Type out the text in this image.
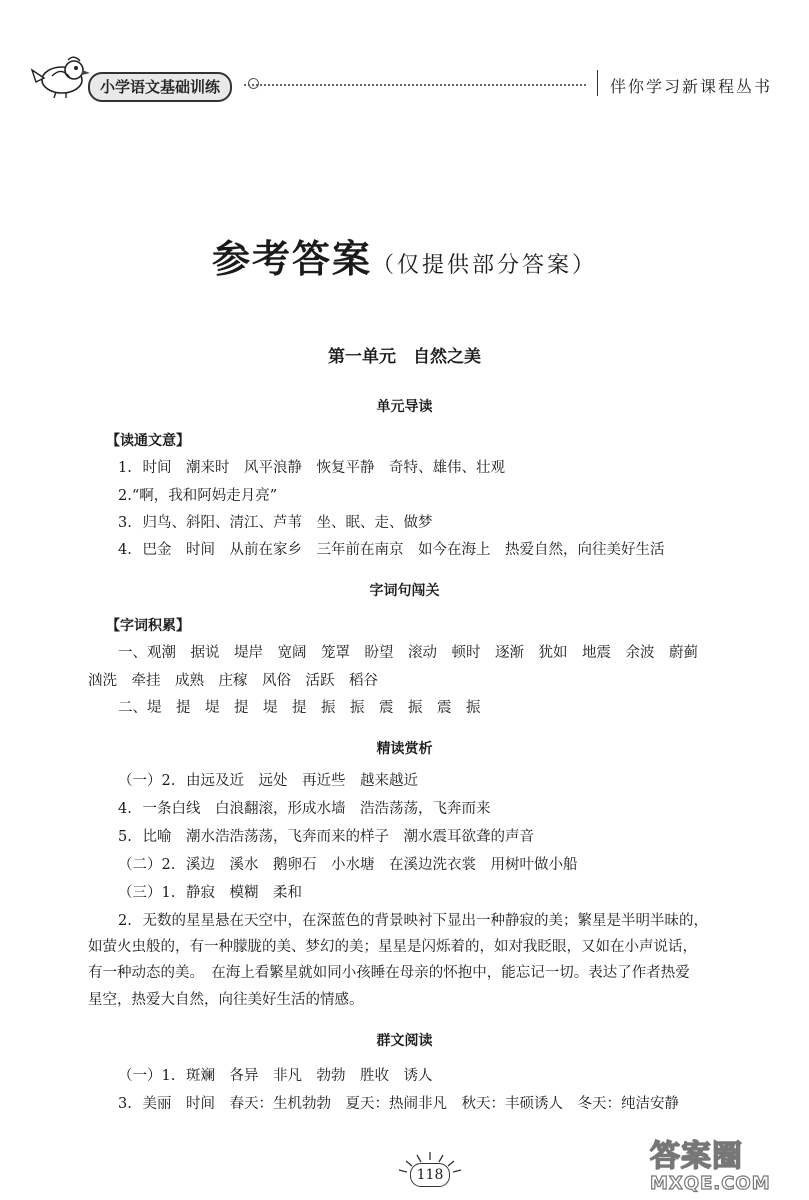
小学语文基础训练	伴你学习新课程丛书
参考答案（仅提供部分答案）
第一单元　自然之美
单元导读
【读通文意】
1. 时间　潮来时　风平浪静　恢复平静　奇特、雄伟、壮观
2.“啊，我和阿妈走月亮”
3. 归鸟、斜阳、清江、芦苇　坐、眠、走、做梦
4. 巴金　时间　从前在家乡　三年前在南京　如今在海上　热爱自然，向往美好生活
字词句闯关
【字词积累】
一、观潮　据说　堤岸　宽阔　笼罩　盼望　滚动　顿时　逐渐　犹如　地震　余波　蔚蓟
汹洗　牵挂　成熟　庄稼　风俗　活跃　稻谷
二、堤　提　堤　提　堤　提　振　振　震　振　震　振
精读赏析
（一）2. 由远及近　远处　再近些　越来越近
4. 一条白线　白浪翻滚，形成水墙　浩浩荡荡，飞奔而来
5. 比喻　潮水浩浩荡荡，飞奔而来的样子　潮水震耳欲聋的声音
（二）2. 溪边　溪水　鹅卵石　小水塘　在溪边洗衣裳　用树叶做小船
（三）1. 静寂　模糊　柔和
2. 无数的星星悬在天空中，在深蓝色的背景映衬下显出一种静寂的美；繁星是半明半昧的，
如萤火虫般的，有一种朦胧的美、梦幻的美；星星是闪烁着的，如对我眨眼，又如在小声说话，
有一种动态的美。　在海上看繁星就如同小孩睡在母亲的怀抱中，能忘记一切。表达了作者热爱
星空，热爱大自然，向往美好生活的情感。
群文阅读
（一）1. 斑斓　各异　非凡　勃勃　胜收　诱人
3. 美丽　时间　春天：生机勃勃　夏天：热闹非凡　秋天：丰硕诱人　冬天：纯洁安静
118
答案圈
MXQE.COM
